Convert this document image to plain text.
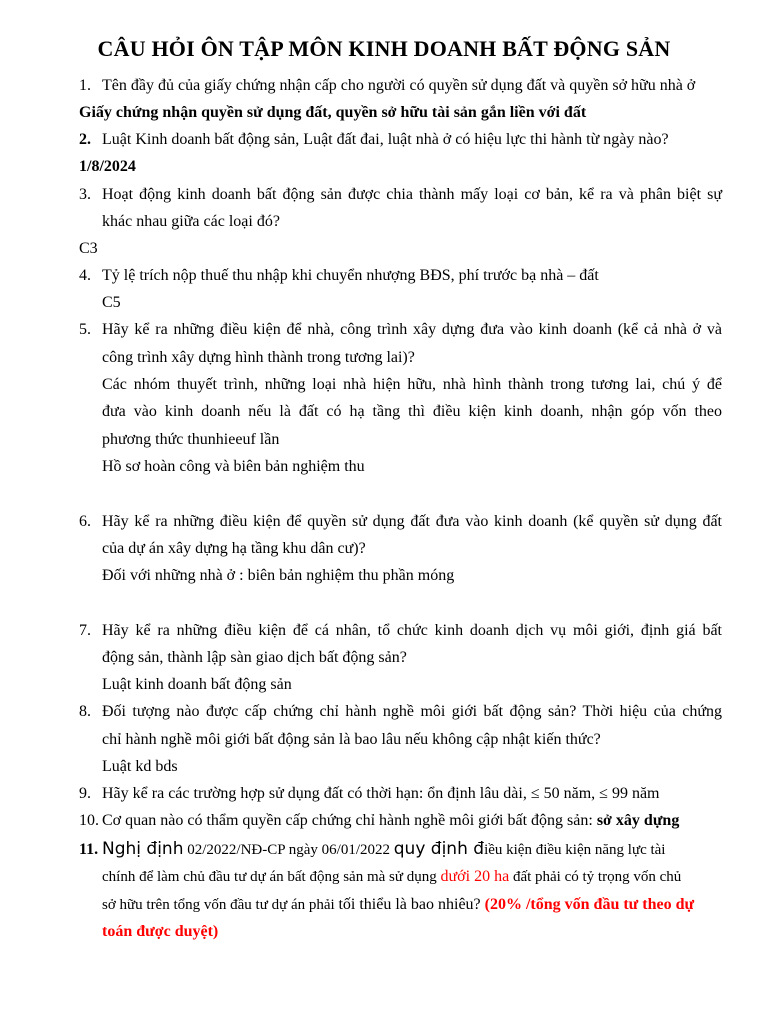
CÂU HỎI ÔN TẬP MÔN KINH DOANH BẤT ĐỘNG SẢN
1. Tên đầy đủ của giấy chứng nhận cấp cho người có quyền sử dụng đất và quyền sở hữu nhà ở
Giấy chứng nhận quyền sử dụng đất, quyền sở hữu tài sản gắn liền với đất
2. Luật Kinh doanh bất động sản, Luật đất đai, luật nhà ở có hiệu lực thi hành từ ngày nào?
1/8/2024
3. Hoạt động kinh doanh bất động sản được chia thành mấy loại cơ bản, kể ra và phân biệt sự
khác nhau giữa các loại đó?
C3
4. Tỷ lệ trích nộp thuế thu nhập khi chuyển nhượng BĐS, phí trước bạ nhà – đất
C5
5. Hãy kể ra những điều kiện để nhà, công trình xây dựng đưa vào kinh doanh (kể cả nhà ở và
công trình xây dựng hình thành trong tương lai)?
Các nhóm thuyết trình, những loại nhà hiện hữu, nhà hình thành trong tương lai, chú ý để
đưa vào kinh doanh nếu là đất có hạ tầng thì điều kiện kinh doanh, nhận góp vốn theo
phương thức thunhieeuf lần
Hồ sơ hoàn công và biên bản nghiệm thu
6. Hãy kể ra những điều kiện để quyền sử dụng đất đưa vào kinh doanh (kể quyền sử dụng đất
của dự án xây dựng hạ tầng khu dân cư)?
Đối với những nhà ở : biên bản nghiệm thu phần móng
7. Hãy kể ra những điều kiện để cá nhân, tổ chức kinh doanh dịch vụ môi giới, định giá bất
động sản, thành lập sàn giao dịch bất động sản?
Luật kinh doanh bất động sản
8. Đối tượng nào được cấp chứng chỉ hành nghề môi giới bất động sản? Thời hiệu của chứng
chỉ hành nghề môi giới bất động sản là bao lâu nếu không cập nhật kiến thức?
Luật kd bds
9. Hãy kể ra các trường hợp sử dụng đất có thời hạn: ổn định lâu dài, ≤ 50 năm, ≤ 99 năm
10. Cơ quan nào có thẩm quyền cấp chứng chỉ hành nghề môi giới bất động sản: sở xây dựng
11. Nghị định 02/2022/NĐ-CP ngày 06/01/2022 quy định điều kiện điều kiện năng lực tài
chính để làm chủ đầu tư dự án bất động sản mà sử dụng dưới 20 ha đất phải có tỷ trọng vốn chủ
sở hữu trên tổng vốn đầu tư dự án phải tối thiểu là bao nhiêu? (20% /tổng vốn đầu tư theo dự
toán được duyệt)
